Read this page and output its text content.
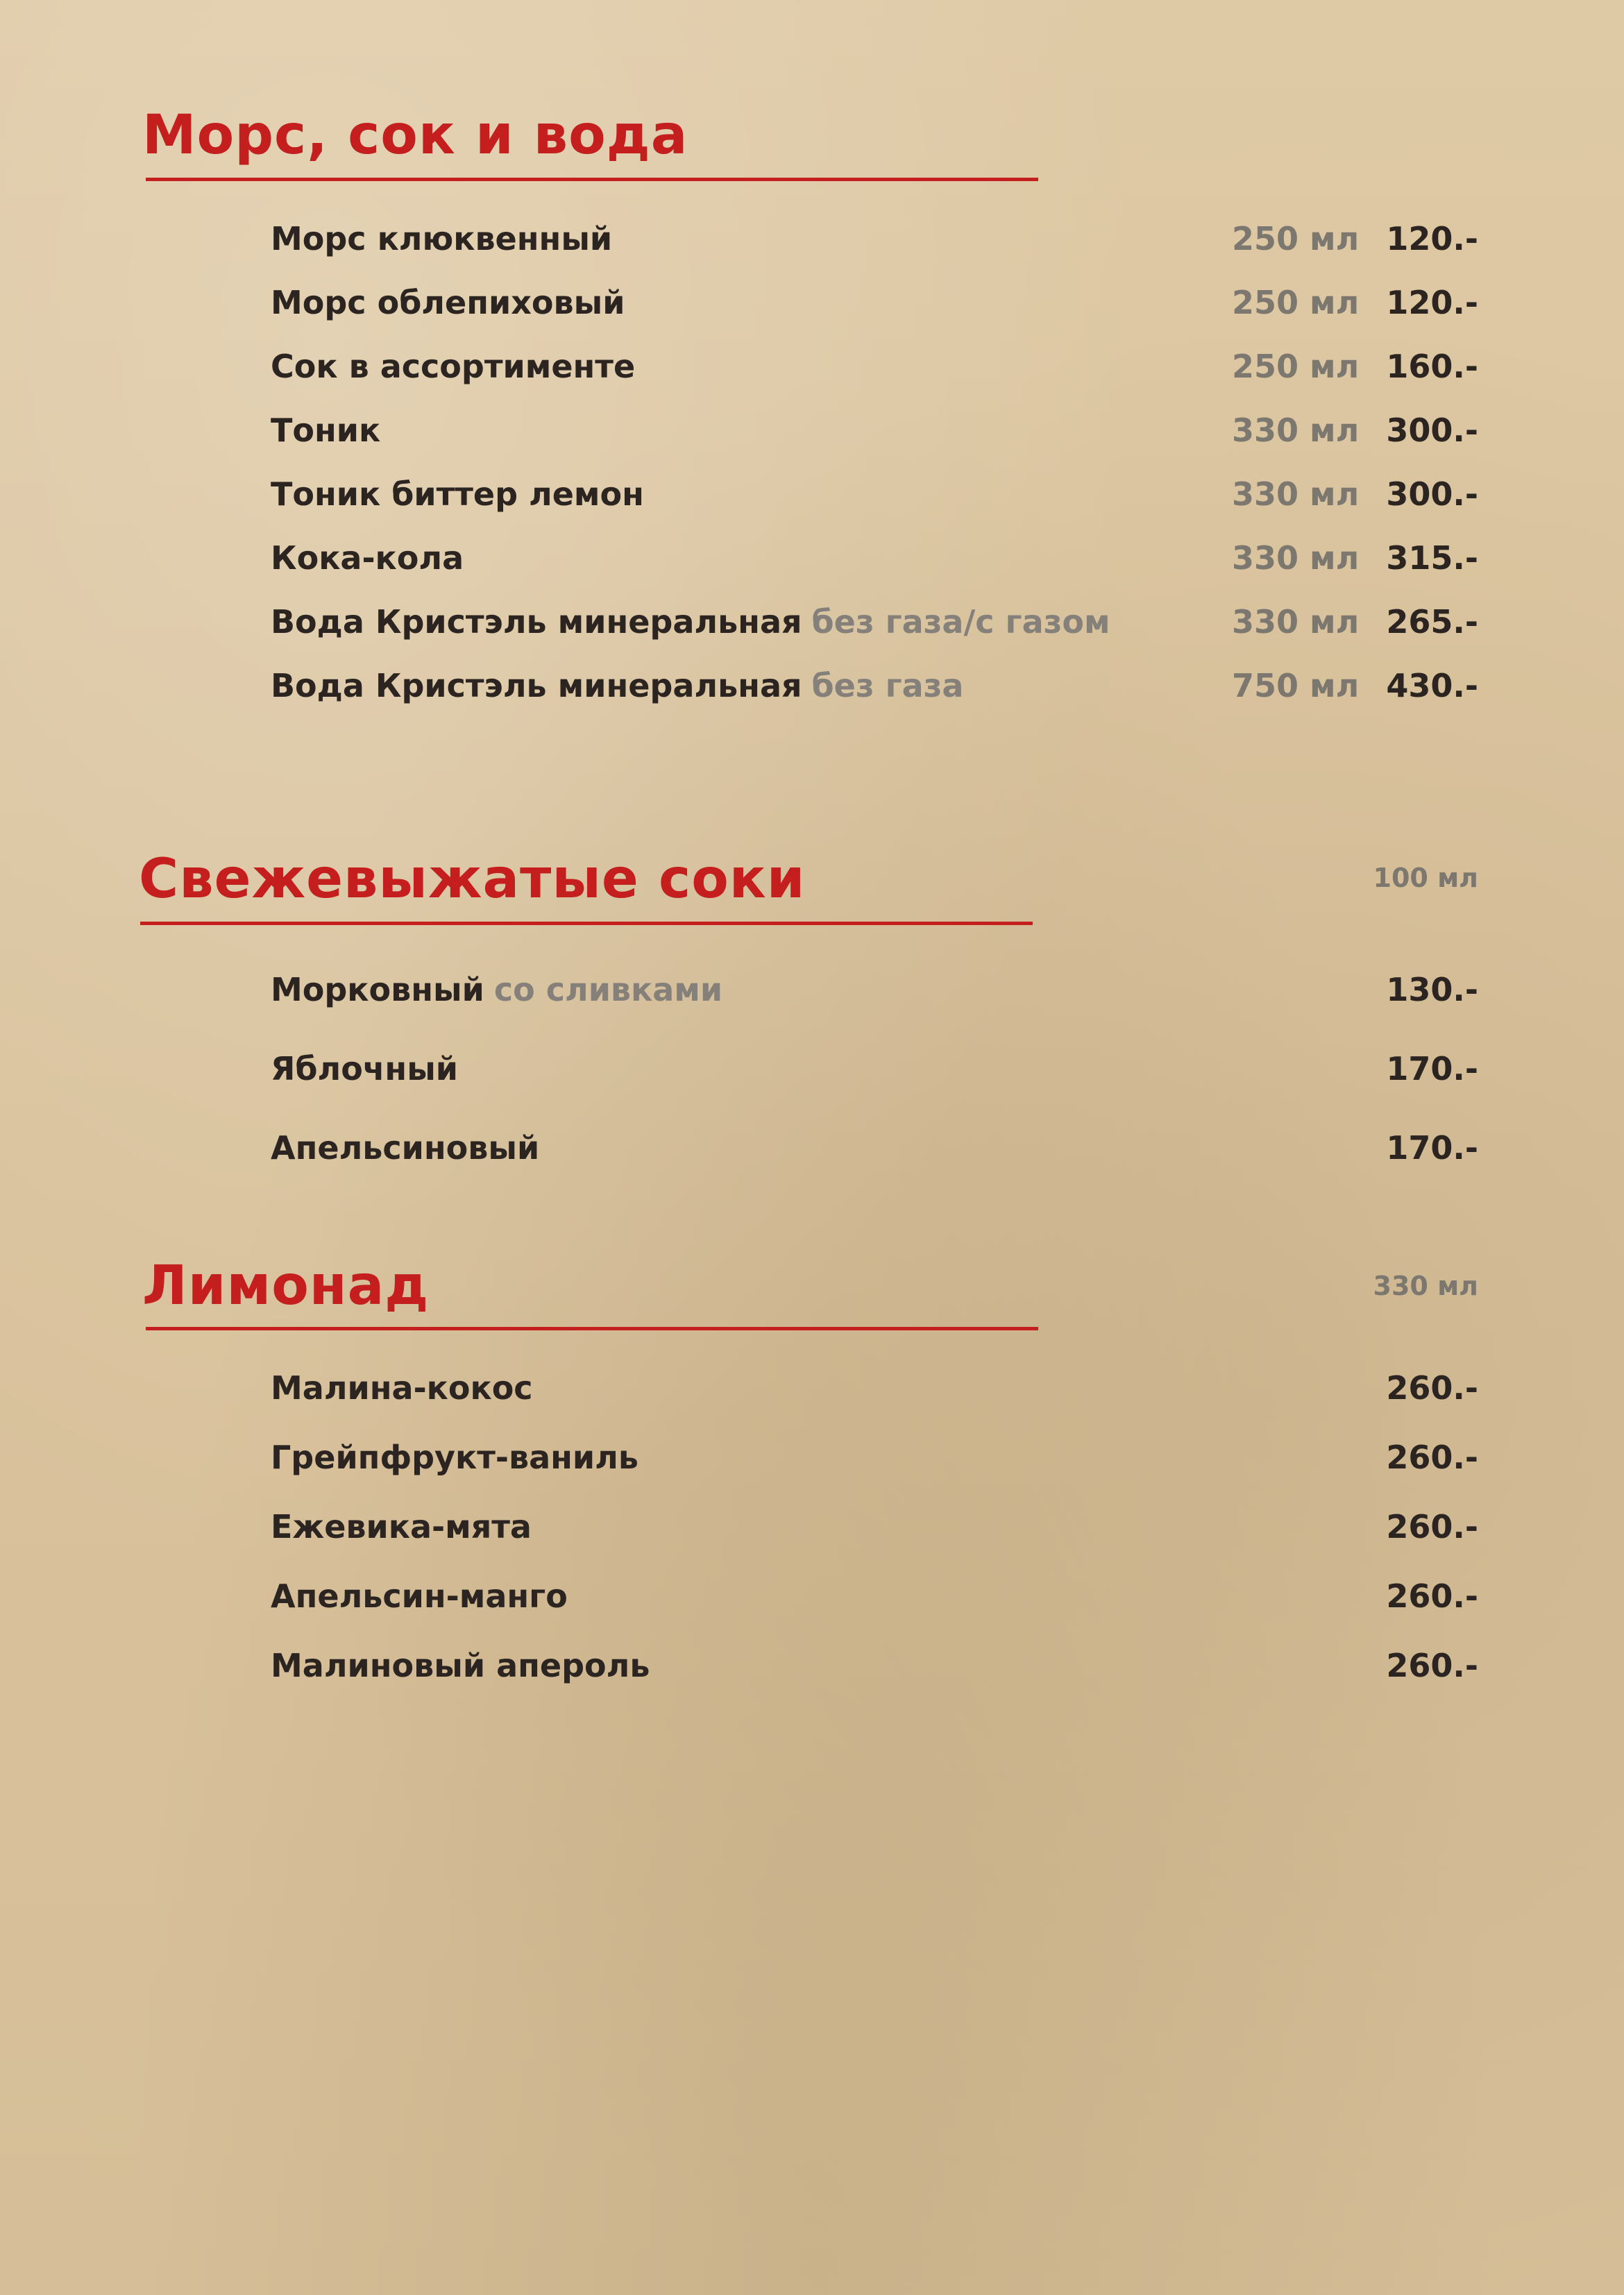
Морс, сок и вода
Морс клюквенный	250 мл 120.-
Морс облепиховый	250 мл 120.-
Сок в ассортименте	250 мл 160.-
Тоник	330 мл 300.-
Тоник биттер лемон	330 мл 300.-
Кока-кола	330 мл 315.-
Вода Кристэль минеральная без газа/с газом	330 мл 265.-
Вода Кристэль минеральная без газа	750 мл 430.-
Свежевыжатые соки	100 мл
Морковный со сливками	130.-
Яблочный	170.-
Апельсиновый	170.-
Лимонад	330 мл
Малина-кокос	260.-
Грейпфрукт-ваниль	260.-
Ежевика-мята	260.-
Апельсин-манго	260.-
Малиновый апероль	260.-
